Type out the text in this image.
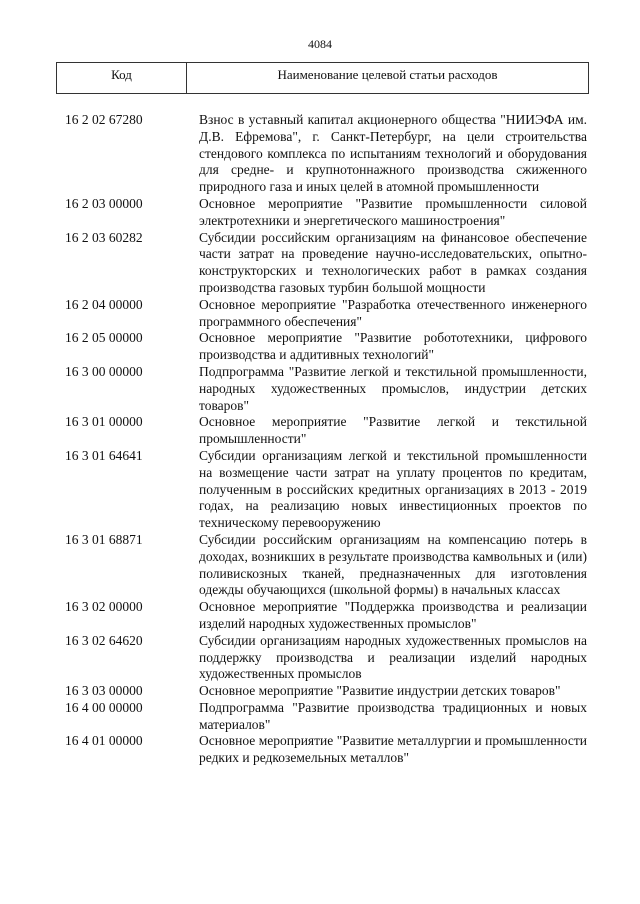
4084
Код	Наименование целевой статьи расходов
16 2 02 67280	Взнос в уставный капитал акционерного общества "НИИЭФА им. Д.В. Ефремова", г. Санкт-Петербург, на цели строительства стендового комплекса по испытаниям технологий и оборудования для средне- и крупнотоннажного производства сжиженного природного газа и иных целей в атомной промышленности
16 2 03 00000	Основное мероприятие "Развитие промышленности силовой электротехники и энергетического машиностроения"
16 2 03 60282	Субсидии российским организациям на финансовое обеспечение части затрат на проведение научно-исследовательских, опытно-конструкторских и технологических работ в рамках создания производства газовых турбин большой мощности
16 2 04 00000	Основное мероприятие "Разработка отечественного инженерного программного обеспечения"
16 2 05 00000	Основное мероприятие "Развитие робототехники, цифрового производства и аддитивных технологий"
16 3 00 00000	Подпрограмма "Развитие легкой и текстильной промышленности, народных художественных промыслов, индустрии детских товаров"
16 3 01 00000	Основное мероприятие "Развитие легкой и текстильной промышленности"
16 3 01 64641	Субсидии организациям легкой и текстильной промышленности на возмещение части затрат на уплату процентов по кредитам, полученным в российских кредитных организациях в 2013 - 2019 годах, на реализацию новых инвестиционных проектов по техническому перевооружению
16 3 01 68871	Субсидии российским организациям на компенсацию потерь в доходах, возникших в результате производства камвольных и (или) поливискозных тканей, предназначенных для изготовления одежды обучающихся (школьной формы) в начальных классах
16 3 02 00000	Основное мероприятие "Поддержка производства и реализации изделий народных художественных промыслов"
16 3 02 64620	Субсидии организациям народных художественных промыслов на поддержку производства и реализации изделий народных художественных промыслов
16 3 03 00000	Основное мероприятие "Развитие индустрии детских товаров"
16 4 00 00000	Подпрограмма "Развитие производства традиционных и новых материалов"
16 4 01 00000	Основное мероприятие "Развитие металлургии и промышленности редких и редкоземельных металлов"
